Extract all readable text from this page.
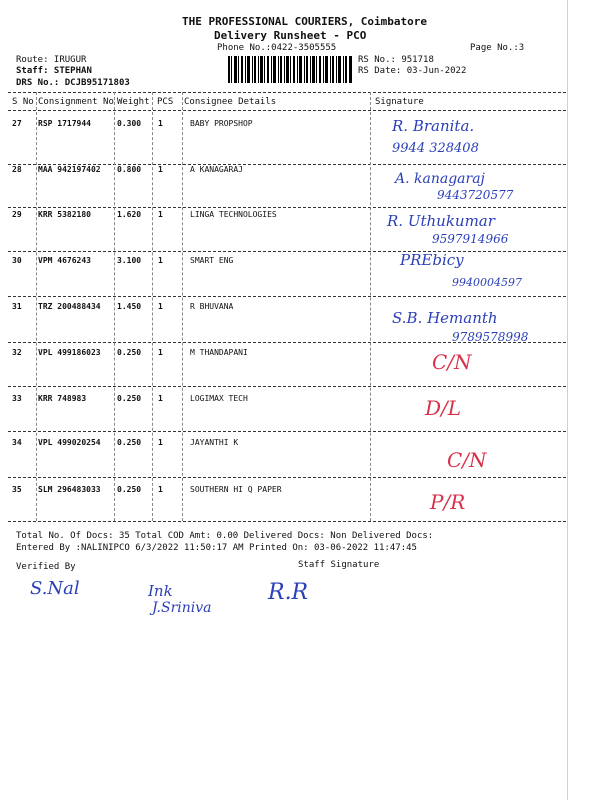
THE PROFESSIONAL COURIERS, Coimbatore
Delivery Runsheet - PCO
Phone No.:0422-3505555	Page No.:3
Route: IRUGUR
Staff: STEPHAN
DRS No.: DCJB95171803
RS No.: 951718
RS Date: 03-Jun-2022
S No Consignment No Weight PCS Consignee Details	Signature
27 RSP 1717944	0.300 1	BABY PROPSHOP	R. Branita.
9944 328408
28 MAA 942197402 0.800 1	A KANAGARAJ
A. kanagaraj
9443720577
29 KRR 5382180	1.620 1	LINGA TECHNOLOGIES	R. Uthukumar
9597914966
30 VPM 4676243	3.100 1	SMART ENG	PREbicy
9940004597
31 TRZ 200488434 1.450 1	R BHUVANA
S.B. Hemanth
9789578998
32 VPL 499186023 0.250 1	M THANDAPANI	C/N
33 KRR 748983	0.250 1	LOGIMAX TECH	D/L
34 VPL 499020254 0.250 1	JAYANTHI K
C/N
35 SLM 296483033 0.250 1	SOUTHERN HI Q PAPER
P/R
Total No. Of Docs: 35 Total COD Amt: 0.00 Delivered Docs: Non Delivered Docs:
Entered By :NALINIPCO 6/3/2022 11:50:17 AM Printed On: 03-06-2022 11:47:45
Verified By	Staff Signature
S.Nal	Ink
J.Sriniva
R.R
